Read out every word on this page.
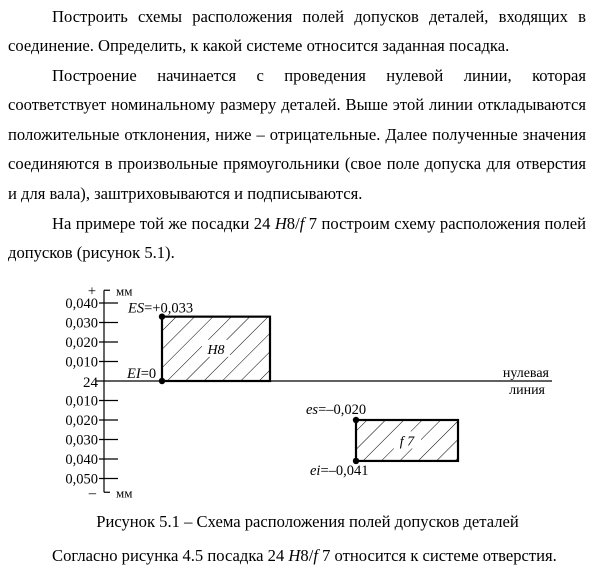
Построить схемы расположения полей допусков деталей, входящих в соединение. Определить, к какой системе относится заданная посадка.

Построение начинается с проведения нулевой линии, которая соответствует номинальному размеру деталей. Выше этой линии откладываются положительные отклонения, ниже – отрицательные. Далее полученные значения соединяются в произвольные прямоугольники (свое поле допуска для отверстия и для вала), заштриховываются и подписываются.

На примере той же посадки 24 H8/f 7 построим схему расположения полей допусков (рисунок 5.1).

0,040
0,030
0,020
0,010
0,010
0,020
0,030
0,040
0,050
+ мм
– мм
24
нулевая
линия
H8
ES=+0,033
EI=0
f 7
es=–0,020
ei=–0,041

Рисунок 5.1 – Схема расположения полей допусков деталей

Согласно рисунка 4.5 посадка 24 H8/f 7 относится к системе отверстия.
